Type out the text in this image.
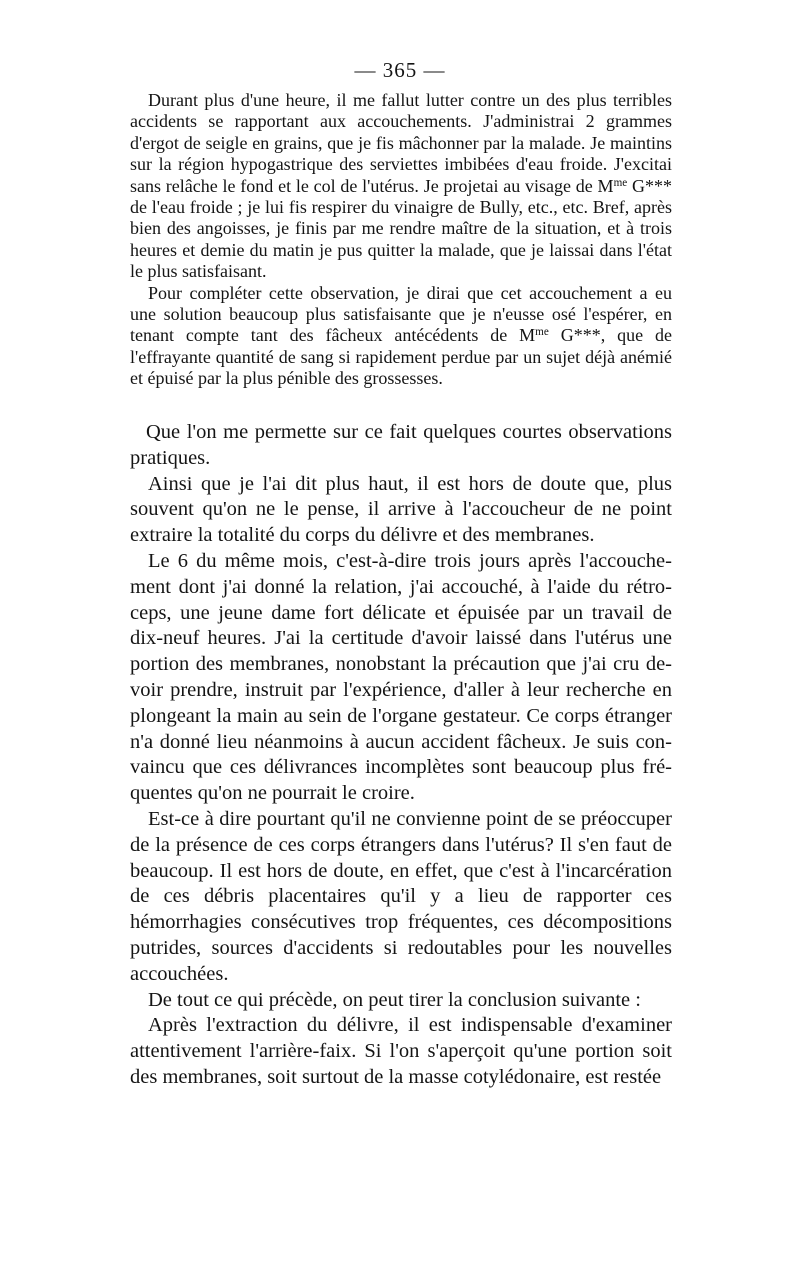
— 365 —

Durant plus d'une heure, il me fallut lutter contre un des plus terribles accidents se rapportant aux accouchements. J'administrai 2 grammes d'ergot de seigle en grains, que je fis mâchonner par la malade. Je maintins sur la région hypogastrique des serviettes imbibées d'eau froide. J'excitai sans relâche le fond et le col de l'utérus. Je projetai au visage de $M^{me}$ G*** de l'eau froide ; je lui fis respirer du vinaigre de Bully, etc., etc. Bref, après bien des angoisses, je finis par me rendre maître de la situation, et à trois heures et demie du matin je pus quitter la malade, que je laissai dans l'état le plus satisfaisant.

Pour compléter cette observation, je dirai que cet accouchement a eu une solution beaucoup plus satisfaisante que je n'eusse osé l'espérer, en tenant compte tant des fâcheux antécédents de $M^{me}$ G***, que de l'effrayante quantité de sang si rapidement perdue par un sujet déjà anémié et épuisé par la plus pénible des grossesses.

Que l'on me permette sur ce fait quelques courtes observations pratiques.

Ainsi que je l'ai dit plus haut, il est hors de doute que, plus souvent qu'on ne le pense, il arrive à l'accoucheur de ne point extraire la totalité du corps du délivre et des membranes.

Le 6 du même mois, c'est-à-dire trois jours après l'accouchement dont j'ai donné la relation, j'ai accouché, à l'aide du rétroceps, une jeune dame fort délicate et épuisée par un travail de dix-neuf heures. J'ai la certitude d'avoir laissé dans l'utérus une portion des membranes, nonobstant la précaution que j'ai cru devoir prendre, instruit par l'expérience, d'aller à leur recherche en plongeant la main au sein de l'organe gestateur. Ce corps étranger n'a donné lieu néanmoins à aucun accident fâcheux. Je suis convaincu que ces délivrances incomplètes sont beaucoup plus fréquentes qu'on ne pourrait le croire.

Est-ce à dire pourtant qu'il ne convienne point de se préoccuper de la présence de ces corps étrangers dans l'utérus? Il s'en faut de beaucoup. Il est hors de doute, en effet, que c'est à l'incarcération de ces débris placentaires qu'il y a lieu de rapporter ces hémorrhagies consécutives trop fréquentes, ces décompositions putrides, sources d'accidents si redoutables pour les nouvelles accouchées.

De tout ce qui précède, on peut tirer la conclusion suivante :

Après l'extraction du délivre, il est indispensable d'examiner attentivement l'arrière-faix. Si l'on s'aperçoit qu'une portion soit des membranes, soit surtout de la masse cotylédonaire, est restée
